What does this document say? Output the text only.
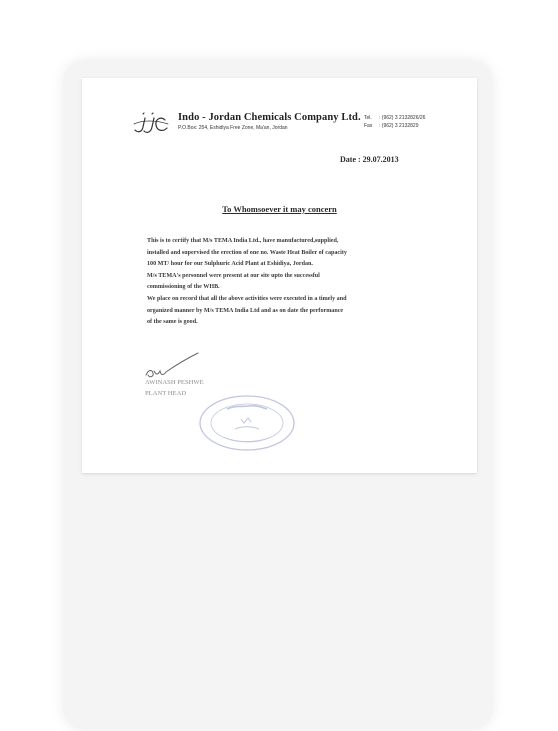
Indo - Jordan Chemicals Company Ltd.
P.O.Box: 254, Eshidiya Free Zone, Ma'an, Jordan
Tel. : (962) 3 2132826/26
Fax : (962) 3 2132829
Date : 29.07.2013
To Whomsoever it may concern

This is to certify that M/s TEMA India Ltd., have manufactured,supplied,

installed and supervised the erection of one no. Waste Heat Boiler of capacity

100 MT/ hour for our Sulphuric Acid Plant at Eshidiya, Jordan.

M/s TEMA's personnel were present at our site upto the successful

commissioning of the WHB.

We place on record that all the above activities were executed in a timely and

organized manner by M/s TEMA India Ltd and as on date the performance

of the same is good.

AWINASH PESHWE
PLANT HEAD
